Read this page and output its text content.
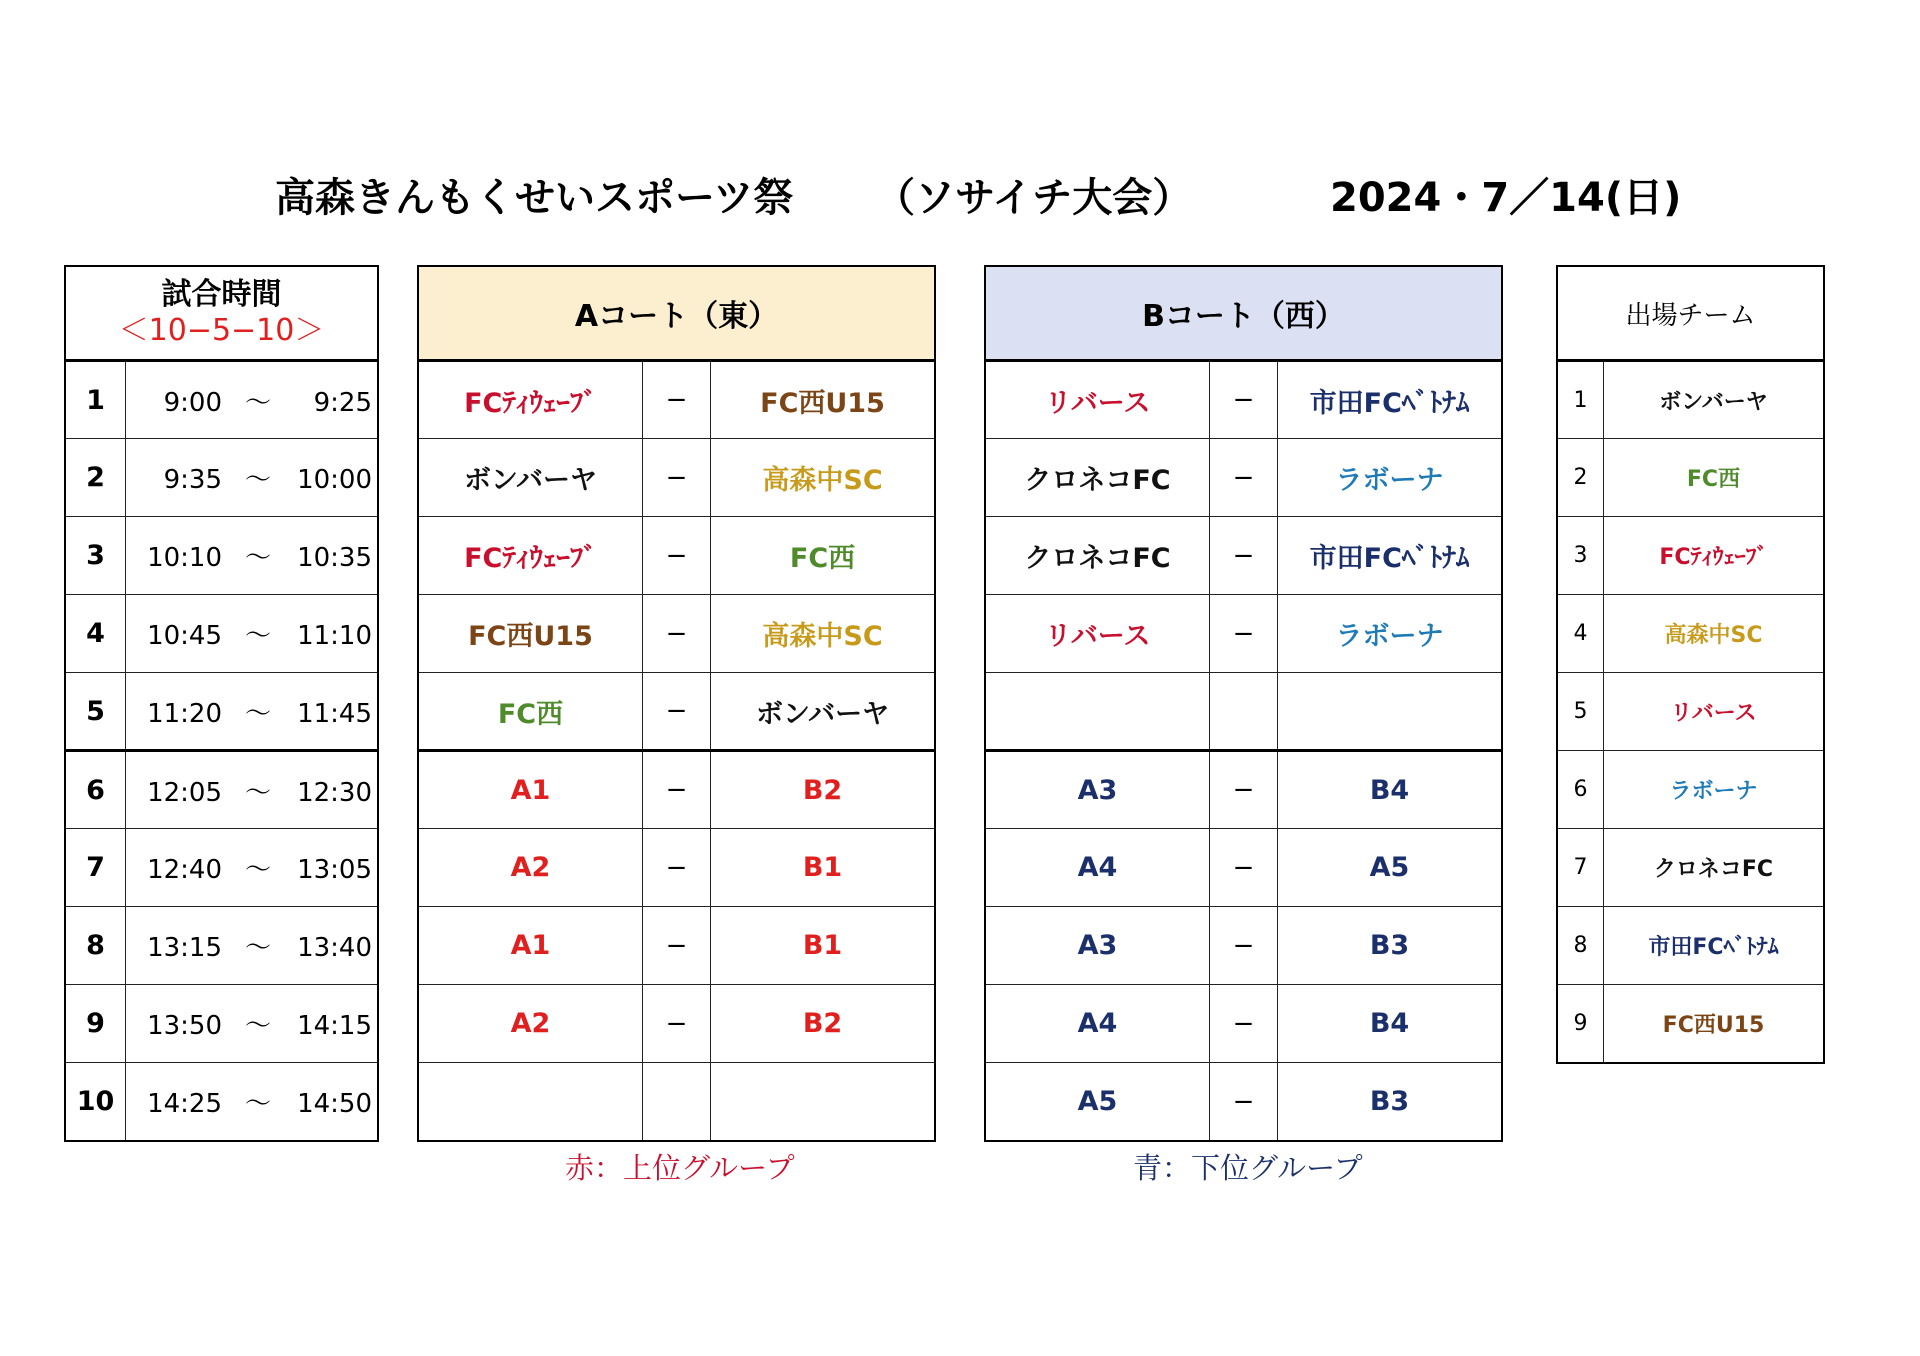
高森きんもくせいスポーツ祭 （ソサイチ大会）	2024・7／14(日)
試合時間
＜10−5−10＞	

1	9:00 〜 9:25
2	9:35 〜 10:00
3	10:10 〜 10:35
4	10:45 〜 11:10
5	11:20 〜 11:45
6	12:05 〜 12:30
7	12:40 〜 13:05
8	13:15 〜 13:40
9	13:50 〜 14:15
10	14:25 〜 14:50
Aコート（東）		
FCﾃｨｳｪｰﾌﾞ	−	FC西U15
ボンバーヤ	−	高森中SC
FCﾃｨｳｪｰﾌﾞ	−	FC西
FC西U15	−	高森中SC
FC西	−	ボンバーヤ
A1	−	B2
A2	−	B1
A1	−	B1
A2	−	B2

Bコート（西）		
リバース	−	市田FCﾍﾞﾄﾅﾑ
クロネコFC	−	ラボーナ
クロネコFC	−	市田FCﾍﾞﾄﾅﾑ
リバース	−	ラボーナ

A3	−	B4
A4	−	A5
A3	−	B3
A4	−	B4
A5	−	B3
出場チーム	
1	ボンバーヤ
2	FC西
3	FCﾃｨｳｪｰﾌﾞ
4	高森中SC
5	リバース
6	ラボーナ
7	クロネコFC
8	市田FCﾍﾞﾄﾅﾑ
9	FC西U15
赤：上位グループ	青：下位グループ
